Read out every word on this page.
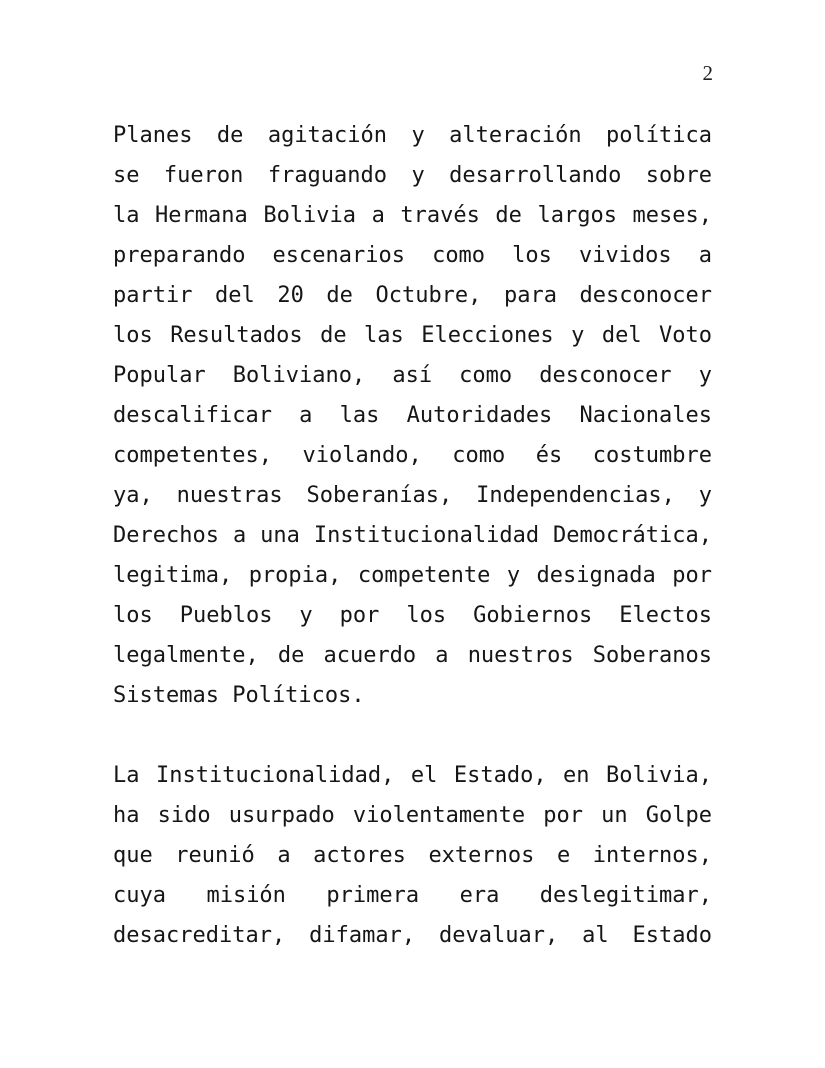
2
Planes de agitación y alteración política
se fueron fraguando y desarrollando sobre
la Hermana Bolivia a través de largos meses,
preparando escenarios como los vividos a
partir del 20 de Octubre, para desconocer
los Resultados de las Elecciones y del Voto
Popular Boliviano, así como desconocer y
descalificar a las Autoridades Nacionales
competentes, violando, como és costumbre
ya, nuestras Soberanías, Independencias, y
Derechos a una Institucionalidad Democrática,
legitima, propia, competente y designada por
los Pueblos y por los Gobiernos Electos
legalmente, de acuerdo a nuestros Soberanos
Sistemas Políticos.
La Institucionalidad, el Estado, en Bolivia,
ha sido usurpado violentamente por un Golpe
que reunió a actores externos e internos,
cuya misión primera era deslegitimar,
desacreditar, difamar, devaluar, al Estado
